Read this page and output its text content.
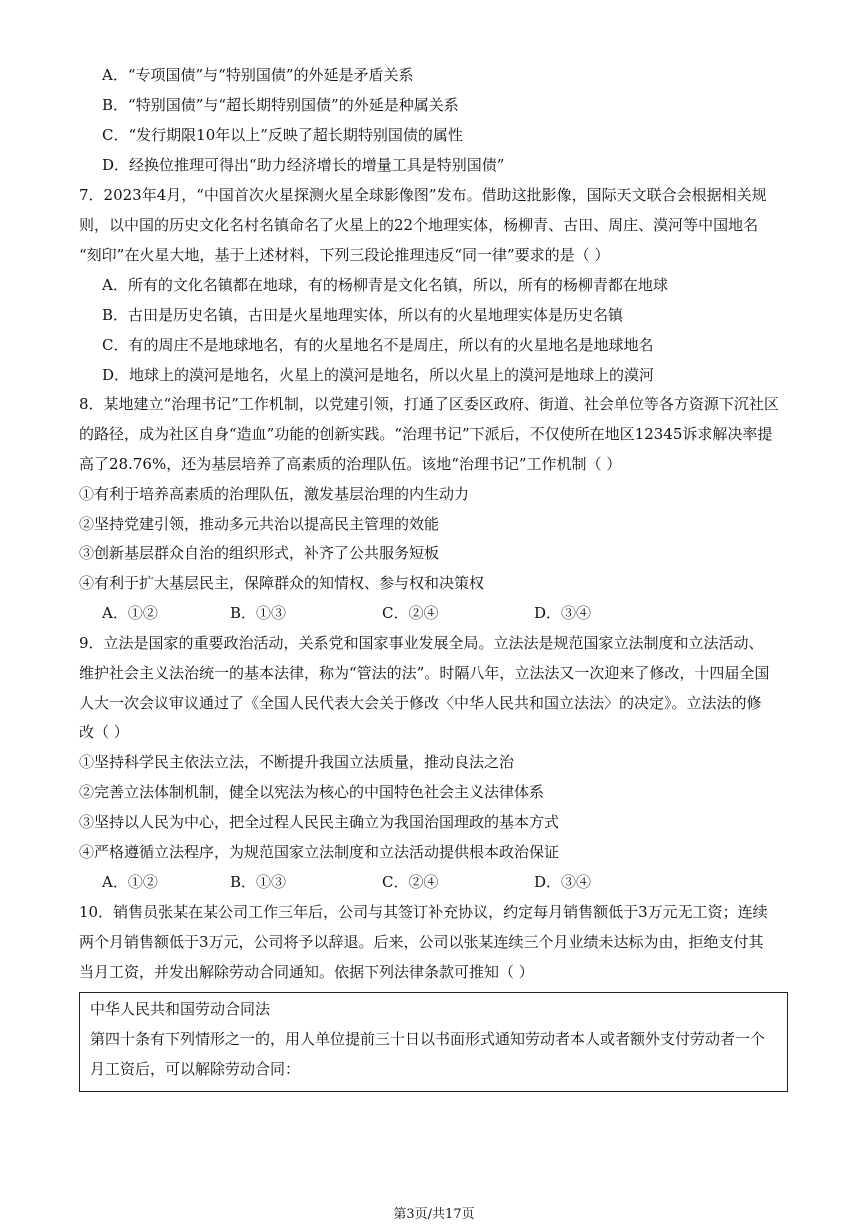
A．“专项国债”与“特别国债”的外延是矛盾关系
B．“特别国债”与“超长期特别国债”的外延是种属关系
C．“发行期限10年以上”反映了超长期特别国债的属性
D．经换位推理可得出“助力经济增长的增量工具是特别国债”
7．2023年4月，“中国首次火星探测火星全球影像图”发布。借助这批影像，国际天文联合会根据相关规
则，以中国的历史文化名村名镇命名了火星上的22个地理实体，杨柳青、古田、周庄、漠河等中国地名
“刻印”在火星大地，基于上述材料，下列三段论推理违反“同一律”要求的是（ ）
A．所有的文化名镇都在地球，有的杨柳青是文化名镇，所以，所有的杨柳青都在地球
B．古田是历史名镇，古田是火星地理实体，所以有的火星地理实体是历史名镇
C．有的周庄不是地球地名，有的火星地名不是周庄，所以有的火星地名是地球地名
D．地球上的漠河是地名，火星上的漠河是地名，所以火星上的漠河是地球上的漠河
8．某地建立“治理书记”工作机制，以党建引领，打通了区委区政府、街道、社会单位等各方资源下沉社区
的路径，成为社区自身“造血”功能的创新实践。“治理书记”下派后，不仅使所在地区12345诉求解决率提
高了28.76%，还为基层培养了高素质的治理队伍。该地“治理书记”工作机制（ ）
①有利于培养高素质的治理队伍，激发基层治理的内生动力
②坚持党建引领，推动多元共治以提高民主管理的效能
③创新基层群众自治的组织形式，补齐了公共服务短板
④有利于扩大基层民主，保障群众的知情权、参与权和决策权
A．①②	B．①③	C．②④	D．③④
9．立法是国家的重要政治活动，关系党和国家事业发展全局。立法法是规范国家立法制度和立法活动、
维护社会主义法治统一的基本法律，称为“管法的法”。时隔八年，立法法又一次迎来了修改，十四届全国
人大一次会议审议通过了《全国人民代表大会关于修改〈中华人民共和国立法法〉的决定》。立法法的修
改（ ）
①坚持科学民主依法立法，不断提升我国立法质量，推动良法之治
②完善立法体制机制，健全以宪法为核心的中国特色社会主义法律体系
③坚持以人民为中心，把全过程人民民主确立为我国治国理政的基本方式
④严格遵循立法程序，为规范国家立法制度和立法活动提供根本政治保证
A．①②	B．①③	C．②④	D．③④
10．销售员张某在某公司工作三年后，公司与其签订补充协议，约定每月销售额低于3万元无工资；连续
两个月销售额低于3万元，公司将予以辞退。后来，公司以张某连续三个月业绩未达标为由，拒绝支付其
当月工资，并发出解除劳动合同通知。依据下列法律条款可推知（ ）
中华人民共和国劳动合同法
第四十条有下列情形之一的，用人单位提前三十日以书面形式通知劳动者本人或者额外支付劳动者一个
月工资后，可以解除劳动合同：
第3页/共17页
